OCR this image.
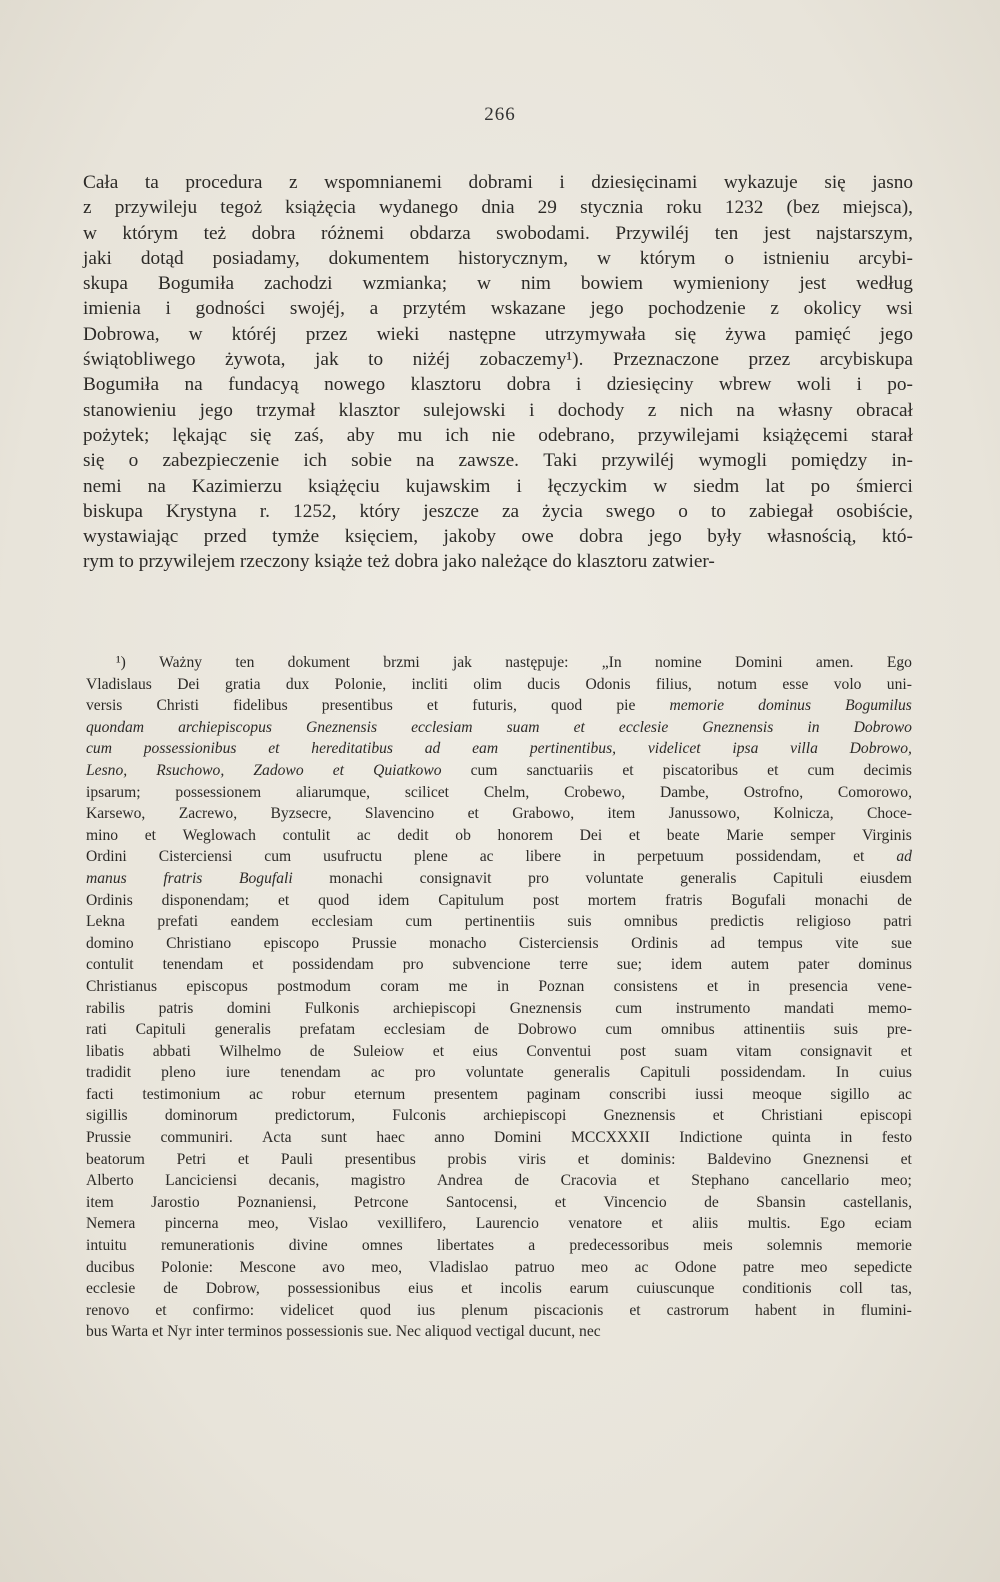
266
Cała ta procedura z wspomnianemi dobrami i dziesięcinami wykazuje się jasno
z przywileju tegoż książęcia wydanego dnia 29 stycznia roku 1232 (bez miejsca),
w którym też dobra różnemi obdarza swobodami. Przywiléj ten jest najstarszym,
jaki dotąd posiadamy, dokumentem historycznym, w którym o istnieniu arcybi-
skupa Bogumiła zachodzi wzmianka; w nim bowiem wymieniony jest według
imienia i godności swojéj, a przytém wskazane jego pochodzenie z okolicy wsi
Dobrowa, w któréj przez wieki następne utrzymywała się żywa pamięć jego
świątobliwego żywota, jak to niżéj zobaczemy¹). Przeznaczone przez arcybiskupa
Bogumiła na fundacyą nowego klasztoru dobra i dziesięciny wbrew woli i po-
stanowieniu jego trzymał klasztor sulejowski i dochody z nich na własny obracał
pożytek; lękając się zaś, aby mu ich nie odebrano, przywilejami książęcemi starał
się o zabezpieczenie ich sobie na zawsze. Taki przywiléj wymogli pomiędzy in-
nemi na Kazimierzu książęciu kujawskim i łęczyckim w siedm lat po śmierci
biskupa Krystyna r. 1252, który jeszcze za życia swego o to zabiegał osobiście,
wystawiając przed tymże księciem, jakoby owe dobra jego były własnością, któ-
rym to przywilejem rzeczony książe też dobra jako należące do klasztoru zatwier-
¹) Ważny ten dokument brzmi jak następuje: „In nomine Domini amen. Ego
Vladislaus Dei gratia dux Polonie, incliti olim ducis Odonis filius, notum esse volo uni-
versis Christi fidelibus presentibus et futuris, quod pie memorie dominus Bogumilus
quondam archiepiscopus Gneznensis ecclesiam suam et ecclesie Gneznensis in Dobrowo
cum possessionibus et hereditatibus ad eam pertinentibus, videlicet ipsa villa Dobrowo,
Lesno, Rsuchowo, Zadowo et Quiatkowo cum sanctuariis et piscatoribus et cum decimis
ipsarum; possessionem aliarumque, scilicet Chelm, Crobewo, Dambe, Ostrofno, Comorowo,
Karsewo, Zacrewo, Byzsecre, Slavencino et Grabowo, item Janussowo, Kolnicza, Choce-
mino et Weglowach contulit ac dedit ob honorem Dei et beate Marie semper Virginis
Ordini Cisterciensi cum usufructu plene ac libere in perpetuum possidendam, et ad
manus fratris Bogufali monachi consignavit pro voluntate generalis Capituli eiusdem
Ordinis disponendam; et quod idem Capitulum post mortem fratris Bogufali monachi de
Lekna prefati eandem ecclesiam cum pertinentiis suis omnibus predictis religioso patri
domino Christiano episcopo Prussie monacho Cisterciensis Ordinis ad tempus vite sue
contulit tenendam et possidendam pro subvencione terre sue; idem autem pater dominus
Christianus episcopus postmodum coram me in Poznan consistens et in presencia vene-
rabilis patris domini Fulkonis archiepiscopi Gneznensis cum instrumento mandati memo-
rati Capituli generalis prefatam ecclesiam de Dobrowo cum omnibus attinentiis suis pre-
libatis abbati Wilhelmo de Suleiow et eius Conventui post suam vitam consignavit et
tradidit pleno iure tenendam ac pro voluntate generalis Capituli possidendam. In cuius
facti testimonium ac robur eternum presentem paginam conscribi iussi meoque sigillo ac
sigillis dominorum predictorum, Fulconis archiepiscopi Gneznensis et Christiani episcopi
Prussie communiri. Acta sunt haec anno Domini MCCXXXII Indictione quinta in festo
beatorum Petri et Pauli presentibus probis viris et dominis: Baldevino Gneznensi et
Alberto Lanciciensi decanis, magistro Andrea de Cracovia et Stephano cancellario meo;
item Jarostio Poznaniensi, Petrcone Santocensi, et Vincencio de Sbansin castellanis,
Nemera pincerna meo, Vislao vexillifero, Laurencio venatore et aliis multis. Ego eciam
intuitu remunerationis divine omnes libertates a predecessoribus meis solemnis memorie
ducibus Polonie: Mescone avo meo, Vladislao patruo meo ac Odone patre meo sepedicte
ecclesie de Dobrow, possessionibus eius et incolis earum cuiuscunque conditionis coll tas,
renovo et confirmo: videlicet quod ius plenum piscacionis et castrorum habent in flumini-
bus Warta et Nyr inter terminos possessionis sue. Nec aliquod vectigal ducunt, nec
